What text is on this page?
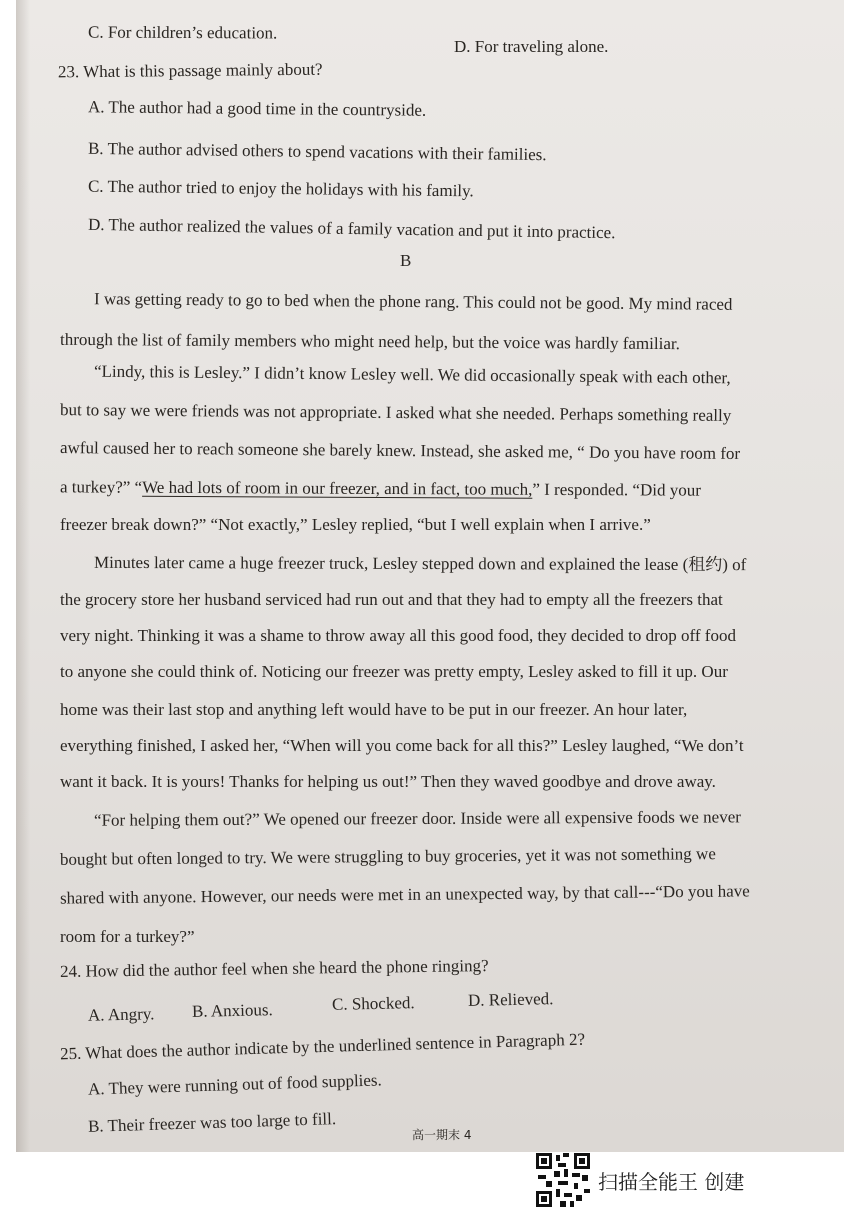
C. For children’s education.
D. For traveling alone.
23. What is this passage mainly about?
A. The author had a good time in the countryside.
B. The author advised others to spend vacations with their families.
C. The author tried to enjoy the holidays with his family.
D. The author realized the values of a family vacation and put it into practice.
B
I was getting ready to go to bed when the phone rang. This could not be good. My mind raced
through the list of family members who might need help, but the voice was hardly familiar.
“Lindy, this is Lesley.” I didn’t know Lesley well. We did occasionally speak with each other,
but to say we were friends was not appropriate. I asked what she needed. Perhaps something really
awful caused her to reach someone she barely knew. Instead, she asked me, “ Do you have room for
a turkey?” “We had lots of room in our freezer, and in fact, too much,” I responded. “Did your
freezer break down?” “Not exactly,” Lesley replied, “but I well explain when I arrive.”
Minutes later came a huge freezer truck, Lesley stepped down and explained the lease (租约) of
the grocery store her husband serviced had run out and that they had to empty all the freezers that
very night. Thinking it was a shame to throw away all this good food, they decided to drop off food
to anyone she could think of. Noticing our freezer was pretty empty, Lesley asked to fill it up. Our
home was their last stop and anything left would have to be put in our freezer. An hour later,
everything finished, I asked her, “When will you come back for all this?” Lesley laughed, “We don’t
want it back. It is yours! Thanks for helping us out!” Then they waved goodbye and drove away.
“For helping them out?” We opened our freezer door. Inside were all expensive foods we never
bought but often longed to try. We were struggling to buy groceries, yet it was not something we
shared with anyone. However, our needs were met in an unexpected way, by that call---“Do you have
room for a turkey?”
24. How did the author feel when she heard the phone ringing?
A. Angry. B. Anxious.	C. Shocked.	D. Relieved.
25. What does the author indicate by the underlined sentence in Paragraph 2?
A. They were running out of food supplies.
B. Their freezer was too large to fill.	高一期末 4
扫描全能王 创建
